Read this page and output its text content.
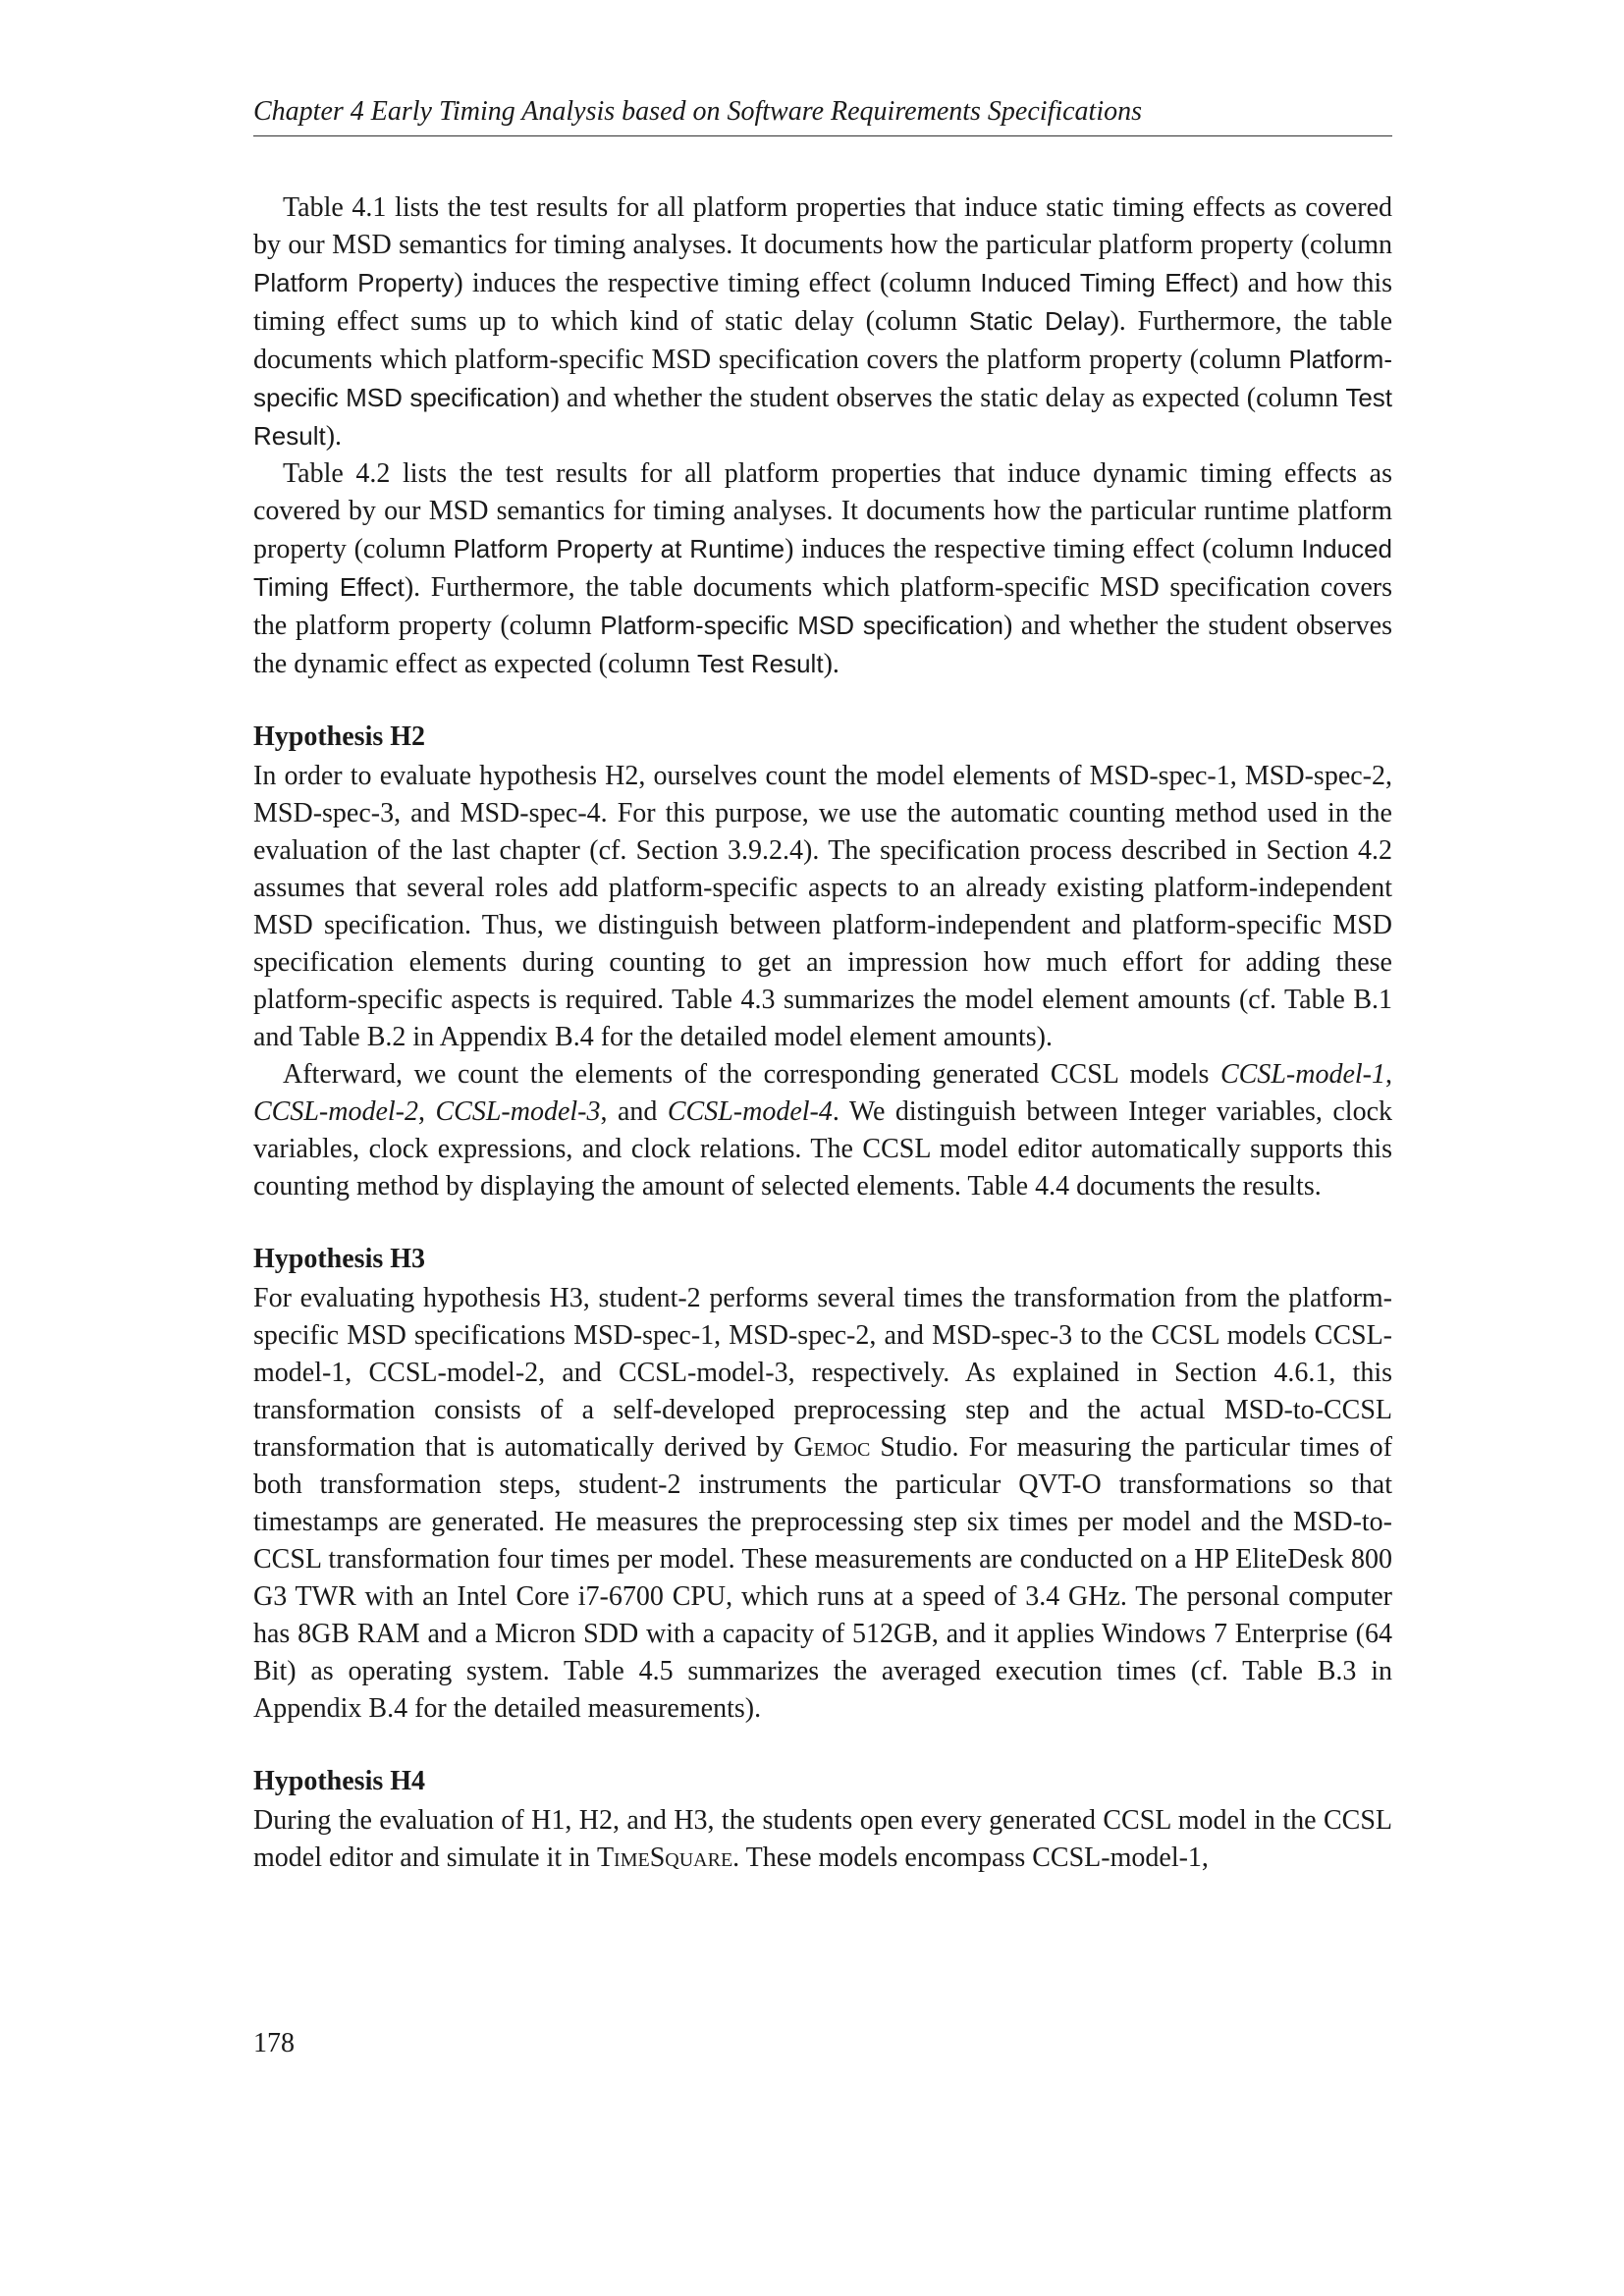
Chapter 4 Early Timing Analysis based on Software Requirements Specifications

Table 4.1 lists the test results for all platform properties that induce static timing effects as covered by our MSD semantics for timing analyses. It documents how the particular platform property (column Platform Property) induces the respective timing effect (column Induced Timing Effect) and how this timing effect sums up to which kind of static delay (column Static Delay). Furthermore, the table documents which platform-specific MSD specification covers the platform property (column Platform-specific MSD specification) and whether the student observes the static delay as expected (column Test Result).

Table 4.2 lists the test results for all platform properties that induce dynamic timing effects as covered by our MSD semantics for timing analyses. It documents how the particular runtime platform property (column Platform Property at Runtime) induces the respective timing effect (column Induced Timing Effect). Furthermore, the table documents which platform-specific MSD specification covers the platform property (column Platform-specific MSD specification) and whether the student observes the dynamic effect as expected (column Test Result).

Hypothesis H2

In order to evaluate hypothesis H2, ourselves count the model elements of MSD-spec-1, MSD-spec-2, MSD-spec-3, and MSD-spec-4. For this purpose, we use the automatic counting method used in the evaluation of the last chapter (cf. Section 3.9.2.4). The specification process described in Section 4.2 assumes that several roles add platform-specific aspects to an already existing platform-independent MSD specification. Thus, we distinguish between platform-independent and platform-specific MSD specification elements during counting to get an impression how much effort for adding these platform-specific aspects is required. Table 4.3 summarizes the model element amounts (cf. Table B.1 and Table B.2 in Appendix B.4 for the detailed model element amounts).

Afterward, we count the elements of the corresponding generated CCSL models CCSL-model-1, CCSL-model-2, CCSL-model-3, and CCSL-model-4. We distinguish between Integer variables, clock variables, clock expressions, and clock relations. The CCSL model editor automatically supports this counting method by displaying the amount of selected elements. Table 4.4 documents the results.

Hypothesis H3

For evaluating hypothesis H3, student-2 performs several times the transformation from the platform-specific MSD specifications MSD-spec-1, MSD-spec-2, and MSD-spec-3 to the CCSL models CCSL-model-1, CCSL-model-2, and CCSL-model-3, respectively. As explained in Section 4.6.1, this transformation consists of a self-developed preprocessing step and the actual MSD-to-CCSL transformation that is automatically derived by Gemoc Studio. For measuring the particular times of both transformation steps, student-2 instruments the particular QVT-O transformations so that timestamps are generated. He measures the preprocessing step six times per model and the MSD-to-CCSL transformation four times per model. These measurements are conducted on a HP EliteDesk 800 G3 TWR with an Intel Core i7-6700 CPU, which runs at a speed of 3.4 GHz. The personal computer has 8GB RAM and a Micron SDD with a capacity of 512GB, and it applies Windows 7 Enterprise (64 Bit) as operating system. Table 4.5 summarizes the averaged execution times (cf. Table B.3 in Appendix B.4 for the detailed measurements).

Hypothesis H4

During the evaluation of H1, H2, and H3, the students open every generated CCSL model in the CCSL model editor and simulate it in TimeSquare. These models encompass CCSL-model-1,

178
